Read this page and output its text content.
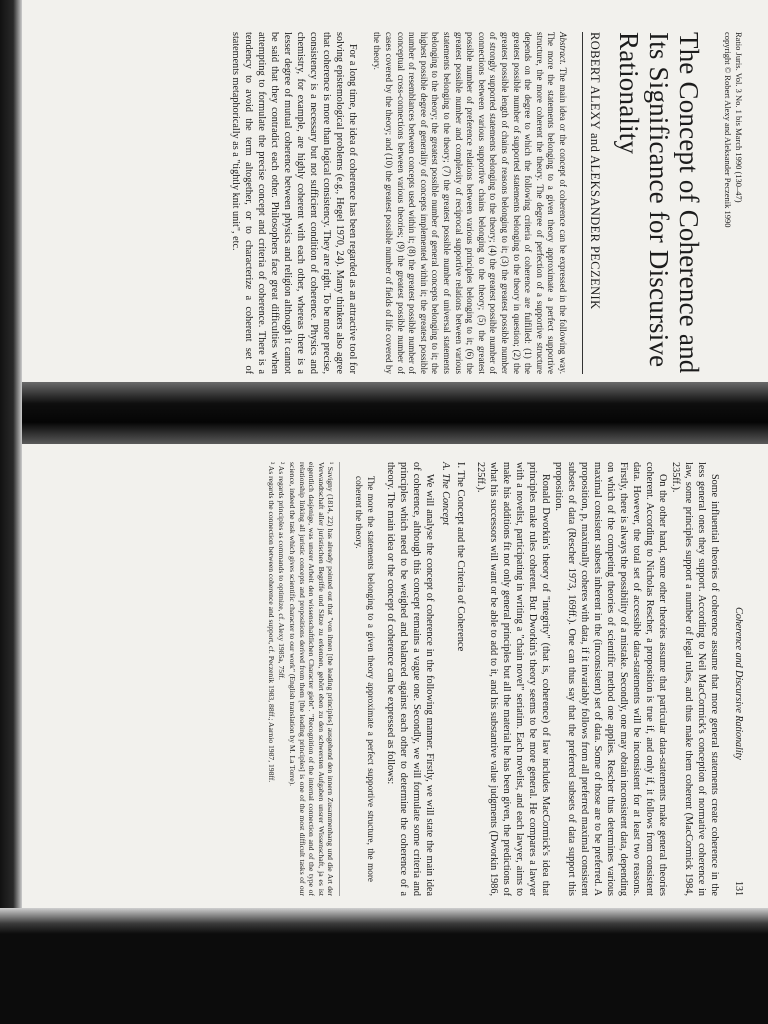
Ratio Juris. Vol. 3 No. 1 bis March 1990 (130–47)
copyright © Robert Alexy and Aleksander Peczenik 1990
The Concept of Coherence and Its Significance for Discursive Rationality
ROBERT ALEXY and ALEKSANDER PECZENIK

Abstract. The main idea or the concept of coherence can be expressed in the following way. The more the statements belonging to a given theory approximate a perfect supportive structure, the more coherent the theory. The degree of perfection of a supportive structure depends on the degree to which the following criteria of coherence are fulfilled: (1) the greatest possible number of supported statements belonging to the theory in question; (2) the greatest possible length of chains of reasons belonging to it; (3) the greatest possible number of strongly supported statements belonging to the theory; (4) the greatest possible number of connections between various supportive chains belonging to the theory; (5) the greatest possible number of preference relations between various principles belonging to it; (6) the greatest possible number and complexity of reciprocal supportive relations between various statements belonging to the theory; (7) the greatest possible number of universal statements belonging to the theory; the greatest possible number of general concepts belonging to it; the highest possible degree of generality of concepts implemented within it; the greatest possible number of resemblances between concepts used within it; (8) the greatest possible number of conceptual cross-connections between various theories; (9) the greatest possible number of cases covered by the theory; and (10) the greatest possible number of fields of life covered by the theory.

For a long time, the idea of coherence has been regarded as an attractive tool for solving epistemological problems (e.g., Hegel 1970, 24). Many thinkers also agree that coherence is more than logical consistency. They are right. To be more precise, consistency is a necessary but not sufficient condition of coherence. Physics and chemistry, for example, are highly coherent with each other, whereas there is a lesser degree of mutual coherence between physics and religion although it cannot be said that they contradict each other. Philosophers face great difficulties when attempting to formulate the precise concept and criteria of coherence. There is a tendency to avoid the term altogether, or to characterize a coherent set of statements metaphorically as a "tightly knit unit", etc.

Coherence and Discursive Rationality
131

Some influential theories of coherence assume that more general statements create coherence in the less general ones they support. According to Neil MacCormick's conception of normative coherence in law, some principles support a number of legal rules, and thus make them coherent (MacCormick 1984, 235ff.).

On the other hand, some other theories assume that particular data-statements make general theories coherent. According to Nicholas Rescher, a proposition is true if, and only if, it follows from consistent data. However, the total set of accessible data-statements will be inconsistent for at least two reasons. Firstly, there is always the possibility of a mistake. Secondly, one may obtain inconsistent data, depending on which of the competing theories of scientific method one applies. Rescher thus determines various maximal consistent subsets inherent in the (inconsistent) set of data. Some of those are to be preferred. A proposition, p, maximally coheres with data, if it invariably follows from all preferred maximal consistent subsets of data (Rescher 1973, 169ff.). One can thus say that the preferred subsets of data support this proposition.

Ronald Dworkin's theory of "integrity" (that is, coherence) of law includes MacCormick's idea that principles make rules coherent. But Dworkin's theory seems to be more general. He compares a lawyer with a novelist, participating in writing a "chain novel" seriatim. Each novelist, and each lawyer, aims to make his additions fit not only general principles but all the material he has been given, the predictions of what his successors will want or be able to add to it, and his substantive value judgments (Dworkin 1986, 225ff.).

I. The Concept and the Criteria of Coherence
A. The Concept

We will analyse the concept of coherence in the following manner. Firstly, we will state the main idea of coherence, although this concept remains a vague one. Secondly, we will formulate some criteria and principles which need to be weighed and balanced against each other to determine the coherence of a theory. The main idea or the concept of coherence can be expressed as follows:

The more the statements belonging to a given theory approximate a perfect supportive structure, the more coherent the theory.

¹ Savigny (1814, 22) has already pointed out that "von ihnen [the leading principles] ausgehend den innern Zusammenhang und die Art der Verwandtschaft aller juristischen Begriffe und Sätze zu erkennen, gehört eben zu den schwersten Aufgaben unsrer Wissenschaft, ja es ist eigentlich dasjenige, was unsrer Arbeit den wissenschaftlichen Character giebt". "Recognition of the internal connection and of the type of relationship linking all juristic concepts and propositions derived from them [the leading principles] is one of the most difficult tasks of our science, indeed the task which gives scientific character to our work" (English translation by M. La Torre).

² As regards principles as commands to optimize, cf. Alexy 1985a, 75ff.

³ As regards the connection between coherence and support, cf. Peczenik 1983, 88ff.; Aarnio 1987, 198ff.
